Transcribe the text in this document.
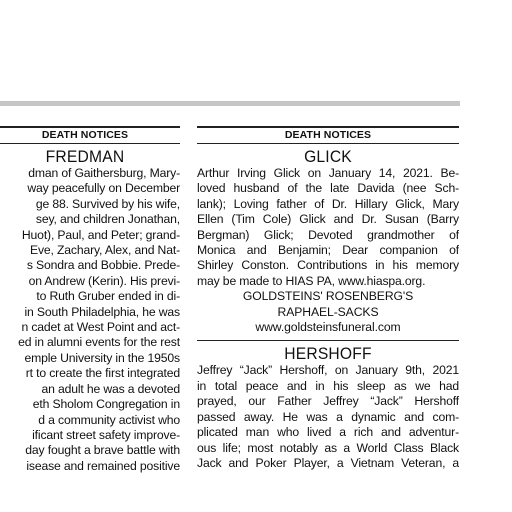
DEATH NOTICES
FREDMAN
dman of Gaithersburg, Mary-
way peacefully on December
ge 88. Survived by his wife,
sey, and children Jonathan,
Huot), Paul, and Peter; grand-
Eve, Zachary, Alex, and Nat-
s Sondra and Bobbie. Prede-
on Andrew (Kerin). His previ-
to Ruth Gruber ended in di-
in South Philadelphia, he was
n cadet at West Point and act-
ed in alumni events for the rest
emple University in the 1950s
rt to create the first integrated
an adult he was a devoted
eth Sholom Congregation in
d a community activist who
ificant street safety improve-
day fought a brave battle with
isease and remained positive
DEATH NOTICES
GLICK
Arthur Irving Glick on January 14, 2021. Be-
loved husband of the late Davida (nee Sch-
lank); Loving father of Dr. Hillary Glick, Mary
Ellen (Tim Cole) Glick and Dr. Susan (Barry
Bergman) Glick; Devoted grandmother of
Monica and Benjamin; Dear companion of
Shirley Conston. Contributions in his memory
may be made to HIAS PA, www.hiaspa.org.
GOLDSTEINS' ROSENBERG'S
RAPHAEL-SACKS
www.goldsteinsfuneral.com
HERSHOFF
Jeffrey “Jack” Hershoff, on January 9th, 2021
in total peace and in his sleep as we had
prayed, our Father Jeffrey “Jack” Hershoff
passed away. He was a dynamic and com-
plicated man who lived a rich and adventur-
ous life; most notably as a World Class Black
Jack and Poker Player, a Vietnam Veteran, a
